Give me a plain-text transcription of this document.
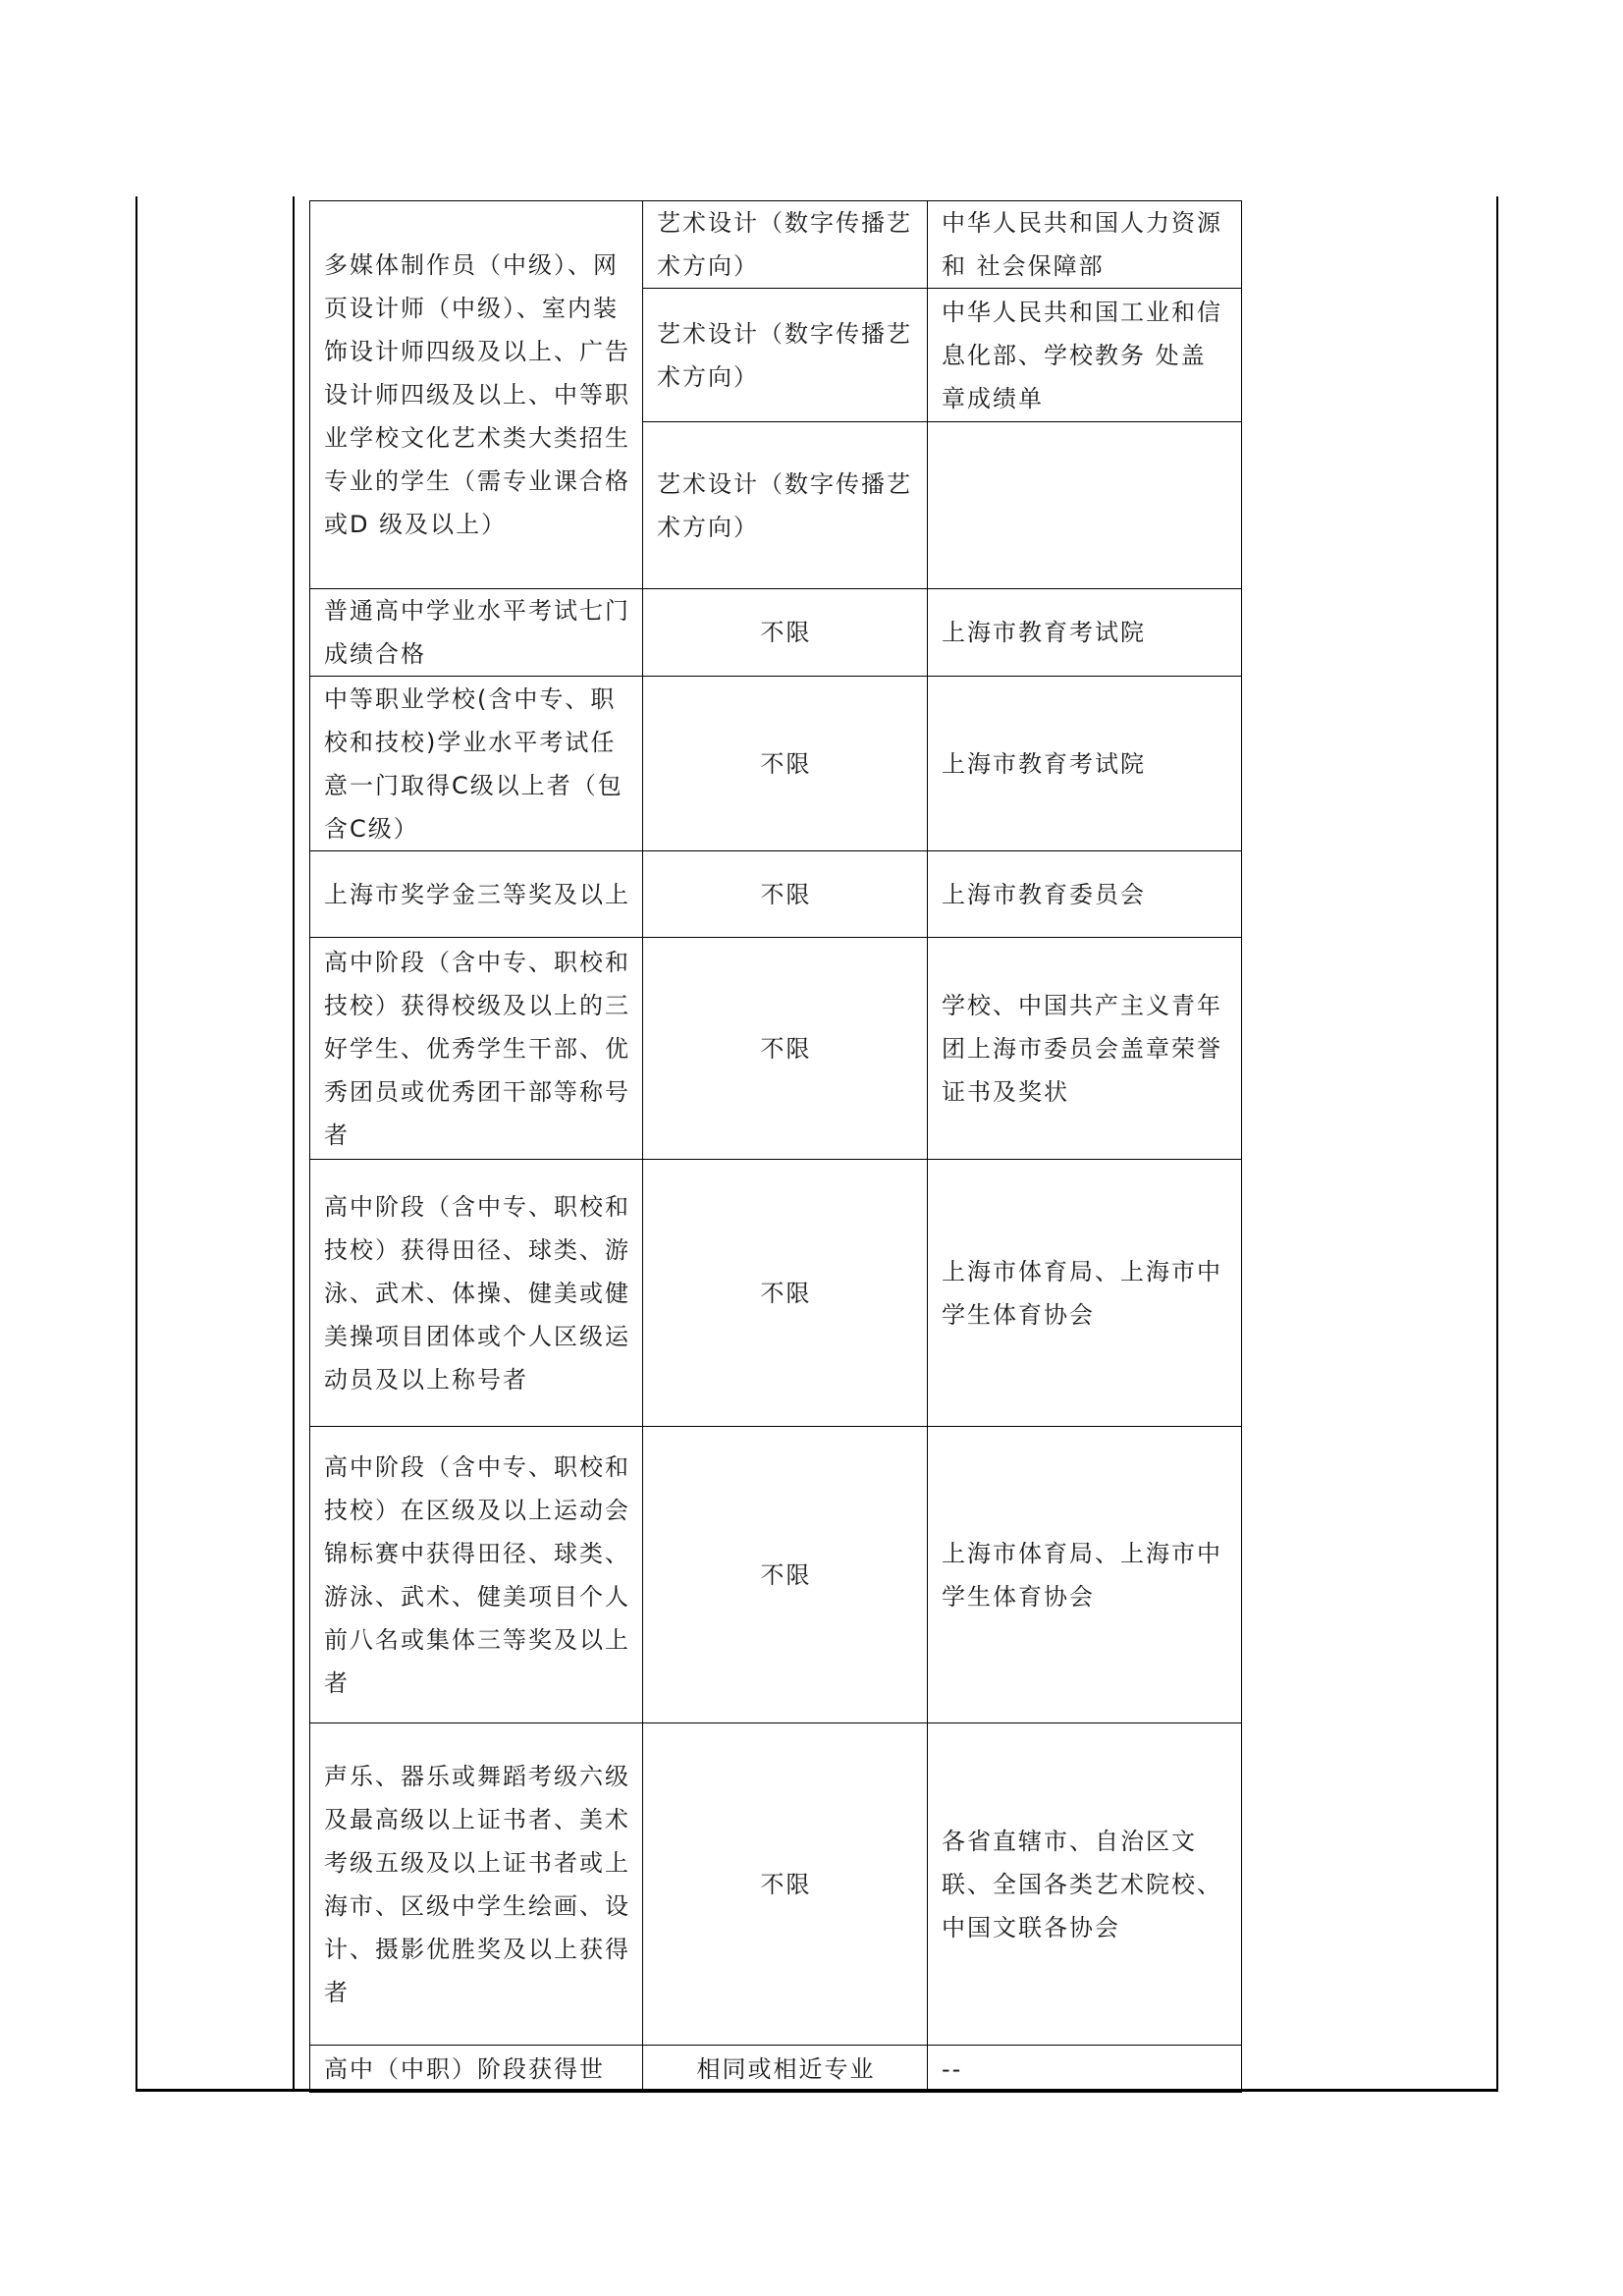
多媒体制作员（中级）、网页设计师（中级）、室内装 饰设计师四级及以上、广告设计师四级及以上、中等职业学校文化艺术类大类招生专业的学生（需专业课合格或D 级及以上）	艺术设计（数字传播艺术方向）	中华人民共和国人力资源和 社会保障部
	艺术设计（数字传播艺术方向）	中华人民共和国工业和信息化部、学校教务 处盖章成绩单
	艺术设计（数字传播艺术方向）	
普通高中学业水平考试七门成绩合格	不限	上海市教育考试院
中等职业学校(含中专、职校和技校)学业水平考试任意一门取得C级以上者（包含C级）	不限	上海市教育考试院
上海市奖学金三等奖及以上	不限	上海市教育委员会
高中阶段（含中专、职校和技校）获得校级及以上的三好学生、优秀学生干部、优秀团员或优秀团干部等称号者	不限	学校、中国共产主义青年团上海市委员会盖章荣誉证书及奖状
高中阶段（含中专、职校和 技校）获得田径、球类、游泳、武术、体操、健美或健美操项目团体或个人区级运动员及以上称号者	不限	上海市体育局、上海市中学生体育协会
高中阶段（含中专、职校和 技校）在区级及以上运动会锦标赛中获得田径、球类、游泳、武术、健美项目个人前八名或集体三等奖及以上者	不限	上海市体育局、上海市中学生体育协会
声乐、器乐或舞蹈考级六级 及最高级以上证书者、美术考级五级及以上证书者或上海市、区级中学生绘画、设计、摄影优胜奖及以上获得者	不限	各省直辖市、自治区文联、全国各类艺术院校、中国文联各协会
高中（中职）阶段获得世	相同或相近专业	--
